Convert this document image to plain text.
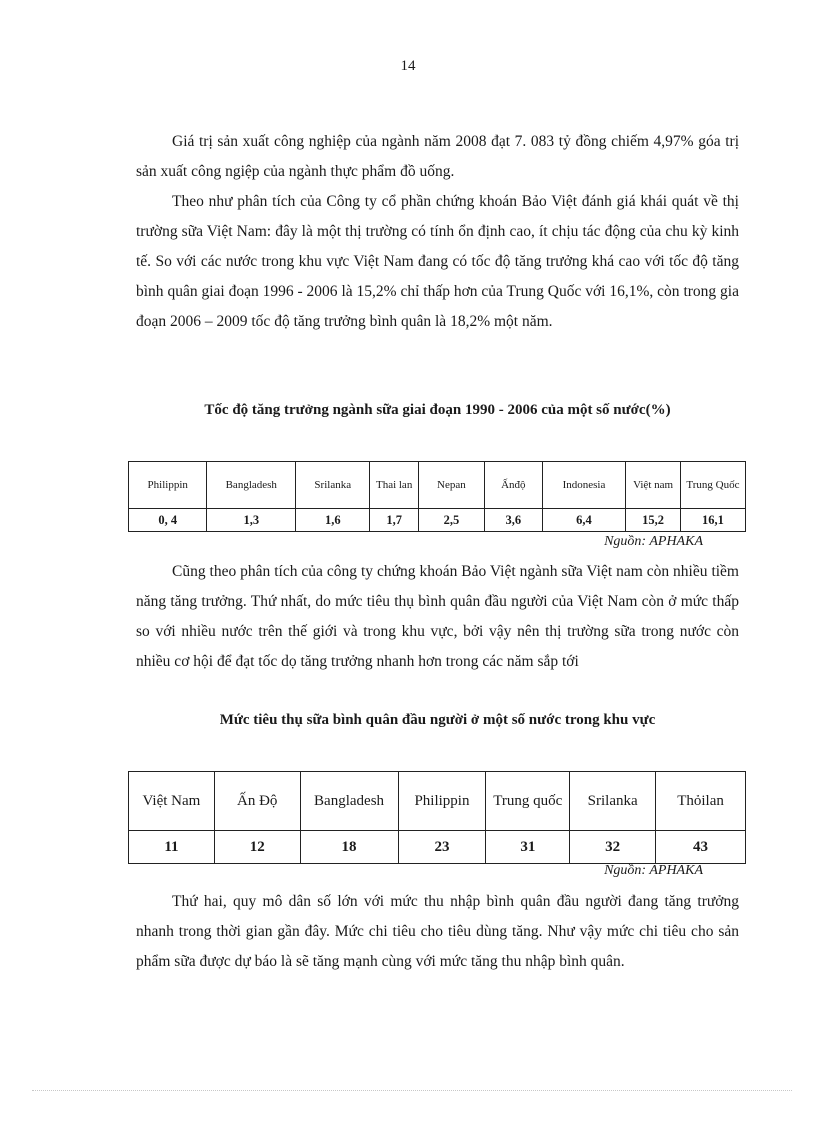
14

Giá trị sản xuất công nghiệp của ngành năm 2008 đạt 7. 083 tỷ đồng chiếm 4,97% góa trị sản xuất công ngiệp của ngành thực phẩm đồ uống.

Theo như phân tích của Công ty cổ phần chứng khoán Bảo Việt đánh giá khái quát về thị trường sữa Việt Nam: đây là một thị trường có tính ổn định cao, ít chịu tác động của chu kỳ kinh tế. So với các nước trong khu vực Việt Nam đang có tốc độ tăng trưởng khá cao với tốc độ tăng bình quân giai đoạn 1996 - 2006 là 15,2% chỉ thấp hơn của Trung Quốc với 16,1%, còn trong gia đoạn 2006 – 2009 tốc độ tăng trưởng bình quân là 18,2% một năm.

Tốc độ tăng trưởng ngành sữa giai đoạn 1990 - 2006 của một số nước(%)
Philippin	Bangladesh	Srilanka	Thai lan	Nepan	Ấnđộ	Indonesia	Việt nam	Trung Quốc
0, 4	1,3	1,6	1,7	2,5	3,6	6,4	15,2	16,1
Nguồn: APHAKA

Cũng theo phân tích của công ty chứng khoán Bảo Việt ngành sữa Việt nam còn nhiều tiềm năng tăng trưởng. Thứ nhất, do mức tiêu thụ bình quân đầu người của Việt Nam còn ở mức thấp so với nhiều nước trên thế giới và trong khu vực, bởi vậy nên thị trường sữa trong nước còn nhiều cơ hội để đạt tốc dọ tăng trưởng nhanh hơn trong các năm sắp tới

Mức tiêu thụ sữa bình quân đầu người ở một số nước trong khu vực
Việt Nam	Ấn Độ	Bangladesh	Philippin	Trung quốc	Srilanka	Thỏilan
11	12	18	23	31	32	43
Nguồn: APHAKA

Thứ hai, quy mô dân số lớn với mức thu nhập bình quân đầu người đang tăng trưởng nhanh trong thời gian gần đây. Mức chi tiêu cho tiêu dùng tăng. Như vậy mức chi tiêu cho sản phẩm sữa được dự báo là sẽ tăng mạnh cùng với mức tăng thu nhập bình quân.
